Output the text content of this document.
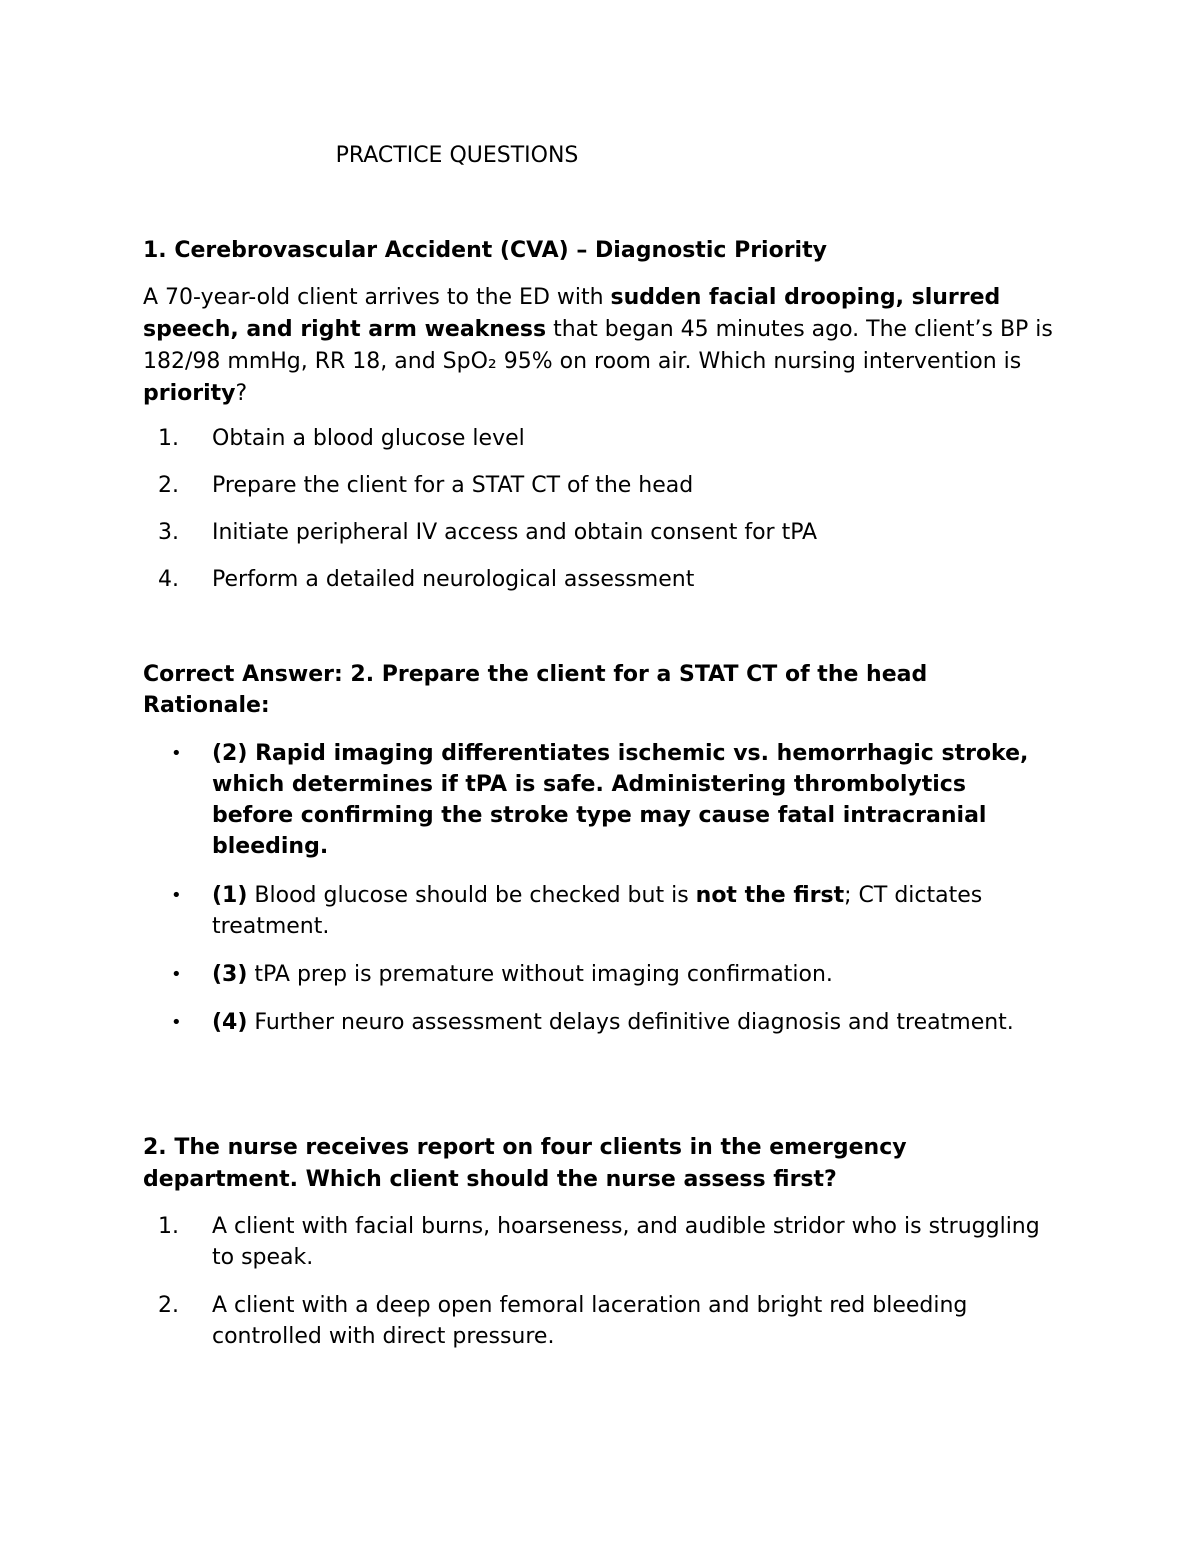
PRACTICE QUESTIONS
1. Cerebrovascular Accident (CVA) – Diagnostic Priority
A 70-year-old client arrives to the ED with sudden facial drooping, slurred speech, and right arm weakness that began 45 minutes ago. The client’s BP is 182/98 mmHg, RR 18, and SpO₂ 95% on room air. Which nursing intervention is priority?
1.	Obtain a blood glucose level
2.	Prepare the client for a STAT CT of the head
3.	Initiate peripheral IV access and obtain consent for tPA
4.	Perform a detailed neurological assessment
Correct Answer: 2. Prepare the client for a STAT CT of the head
Rationale:
• (2) Rapid imaging differentiates ischemic vs. hemorrhagic stroke, which determines if tPA is safe. Administering thrombolytics before confirming the stroke type may cause fatal intracranial bleeding.
• (1) Blood glucose should be checked but is not the first; CT dictates treatment.
• (3) tPA prep is premature without imaging confirmation.
• (4) Further neuro assessment delays definitive diagnosis and treatment.
2. The nurse receives report on four clients in the emergency department. Which client should the nurse assess first?
1.	A client with facial burns, hoarseness, and audible stridor who is struggling to speak.
2.	A client with a deep open femoral laceration and bright red bleeding controlled with direct pressure.
